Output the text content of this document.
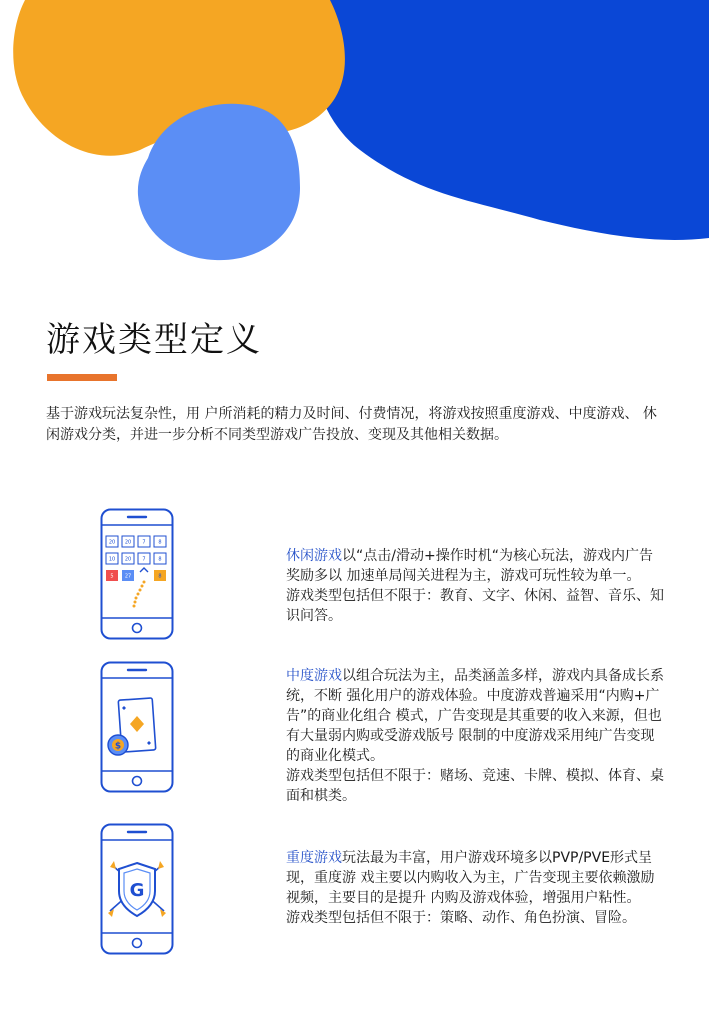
游戏类型定义

基于游戏玩法复杂性，用 户所消耗的精力及时间、付费情况，将游戏按照重度游戏、中度游戏、 休闲游戏分类，并进一步分析不同类型游戏广告投放、变现及其他相关数据。

20 20 7	8
10 20 7	8
5 27	8

休闲游戏以“点击/滑动+操作时机“为核心玩法，游戏内广告奖励多以 加速单局闯关进程为主，游戏可玩性较为单一。

游戏类型包括但不限于：教育、文字、休闲、益智、音乐、知识问答。

$

中度游戏以组合玩法为主，品类涵盖多样，游戏内具备成长系统，不断 强化用户的游戏体验。中度游戏普遍采用“内购+广告”的商业化组合 模式，广告变现是其重要的收入来源，但也有大量弱内购或受游戏版号 限制的中度游戏采用纯广告变现的商业化模式。

游戏类型包括但不限于：赌场、竞速、卡牌、模拟、体育、桌面和棋类。

G

重度游戏玩法最为丰富，用户游戏环境多以PVP/PVE形式呈现，重度游 戏主要以内购收入为主，广告变现主要依赖激励视频，主要目的是提升 内购及游戏体验，增强用户粘性。

游戏类型包括但不限于：策略、动作、角色扮演、冒险。
